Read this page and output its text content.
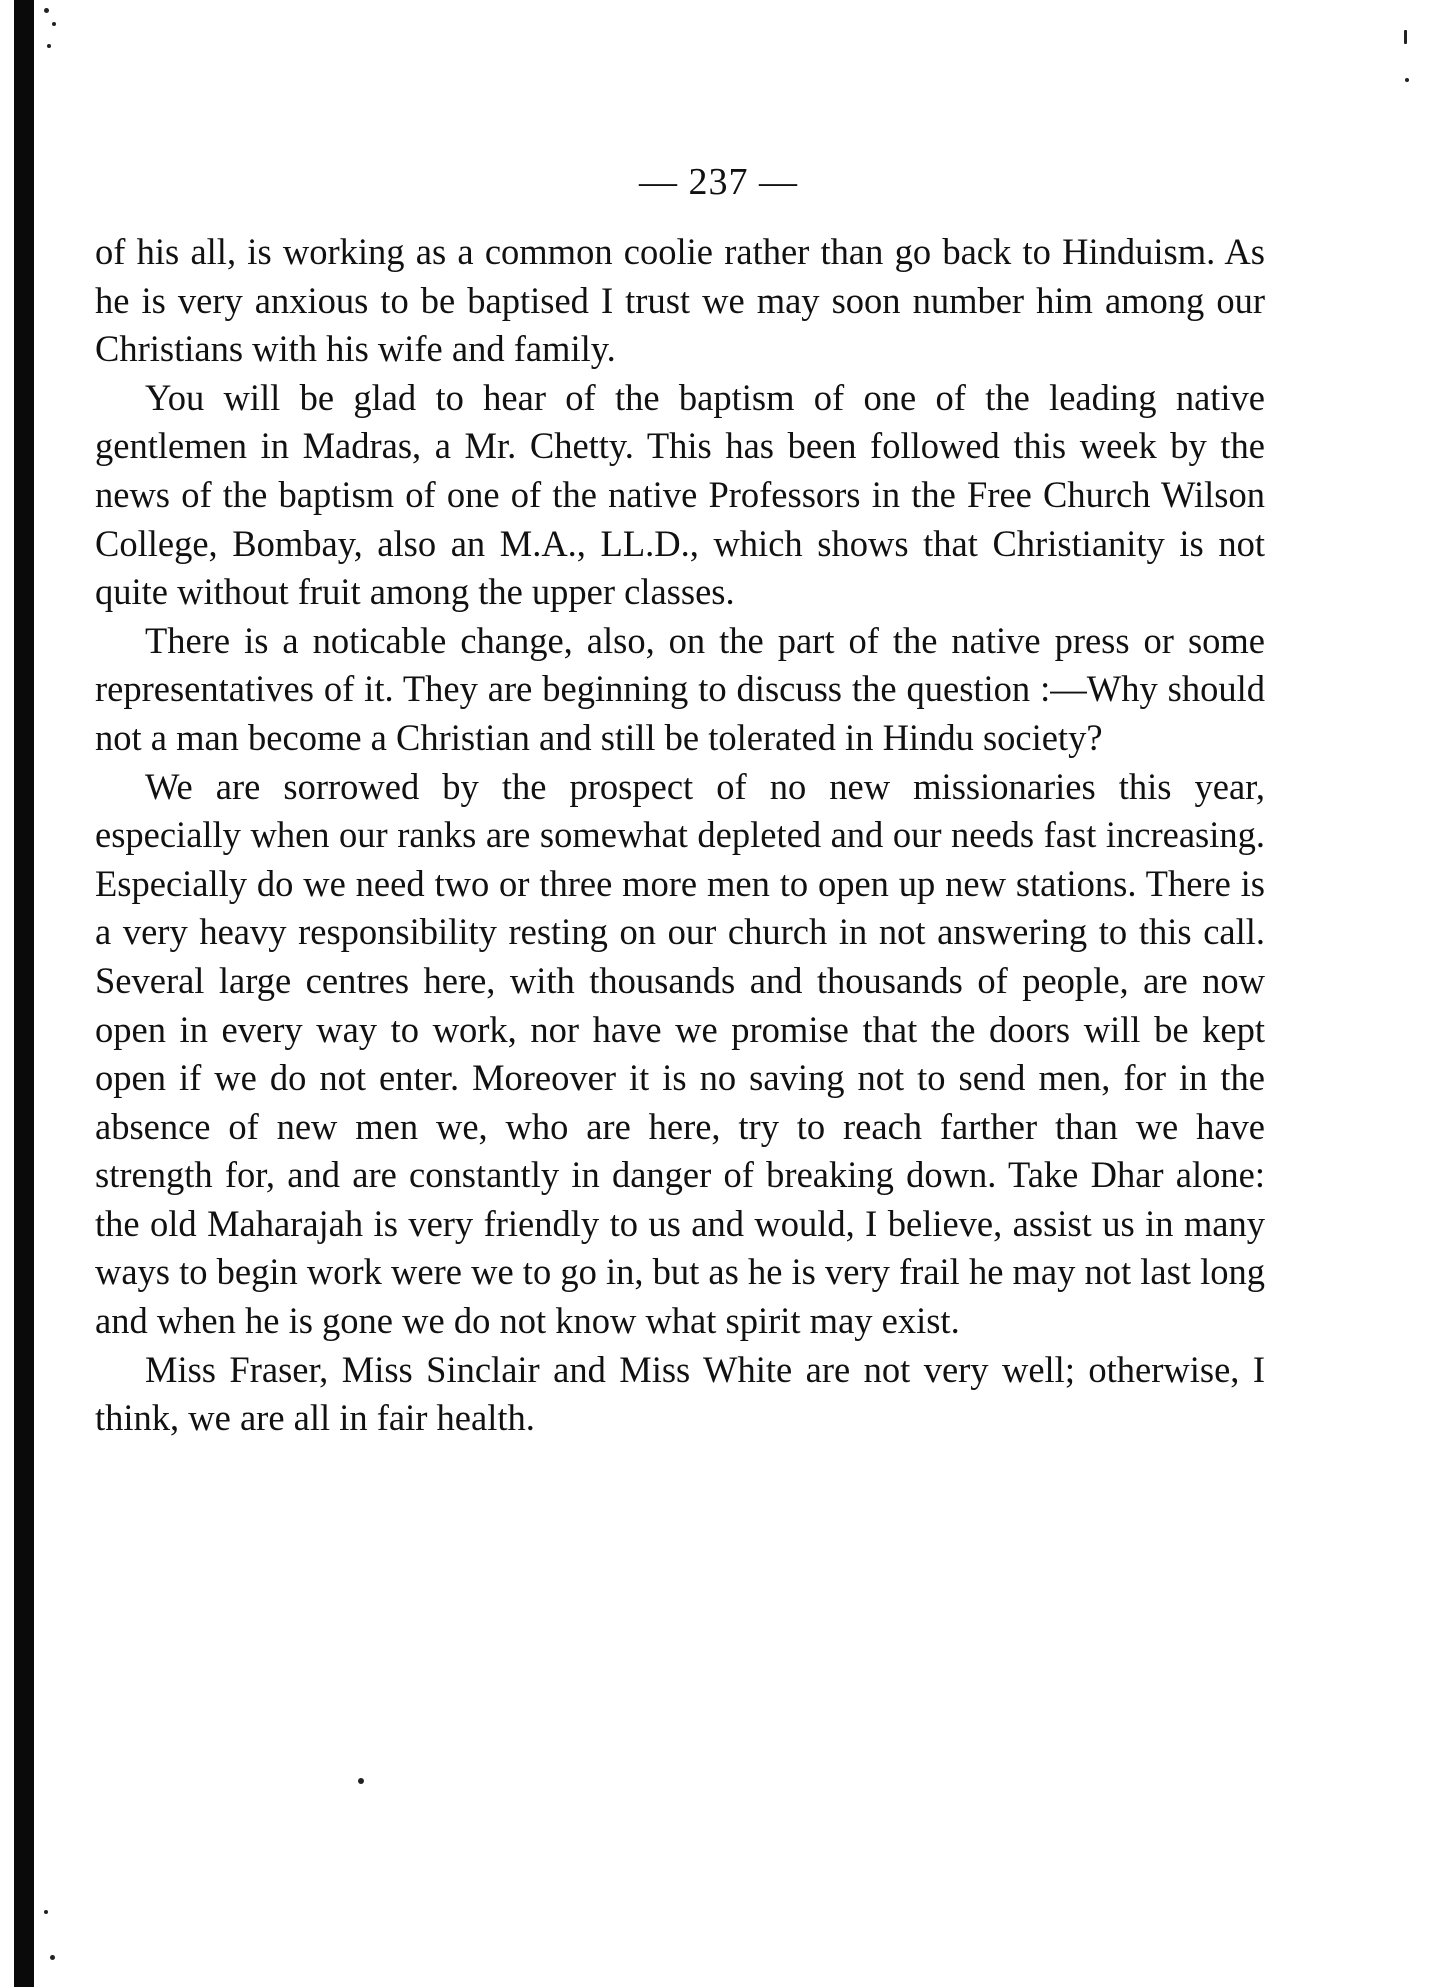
— 237 —

of his all, is working as a common coolie rather than go back to Hinduism. As he is very anxious to be baptised I trust we may soon number him among our Christians with his wife and family.

You will be glad to hear of the baptism of one of the leading native gentlemen in Madras, a Mr. Chetty. This has been followed this week by the news of the baptism of one of the native Professors in the Free Church Wilson College, Bombay, also an M.A., LL.D., which shows that Christianity is not quite without fruit among the upper classes.

There is a noticable change, also, on the part of the native press or some representatives of it. They are beginning to discuss the question :—Why should not a man become a Christian and still be tolerated in Hindu society?

We are sorrowed by the prospect of no new missionaries this year, especially when our ranks are somewhat depleted and our needs fast increasing. Especially do we need two or three more men to open up new stations. There is a very heavy responsibility resting on our church in not answering to this call. Several large centres here, with thousands and thousands of people, are now open in every way to work, nor have we promise that the doors will be kept open if we do not enter. Moreover it is no saving not to send men, for in the absence of new men we, who are here, try to reach farther than we have strength for, and are constantly in danger of breaking down. Take Dhar alone: the old Maharajah is very friendly to us and would, I believe, assist us in many ways to begin work were we to go in, but as he is very frail he may not last long and when he is gone we do not know what spirit may exist.

Miss Fraser, Miss Sinclair and Miss White are not very well; otherwise, I think, we are all in fair health.
